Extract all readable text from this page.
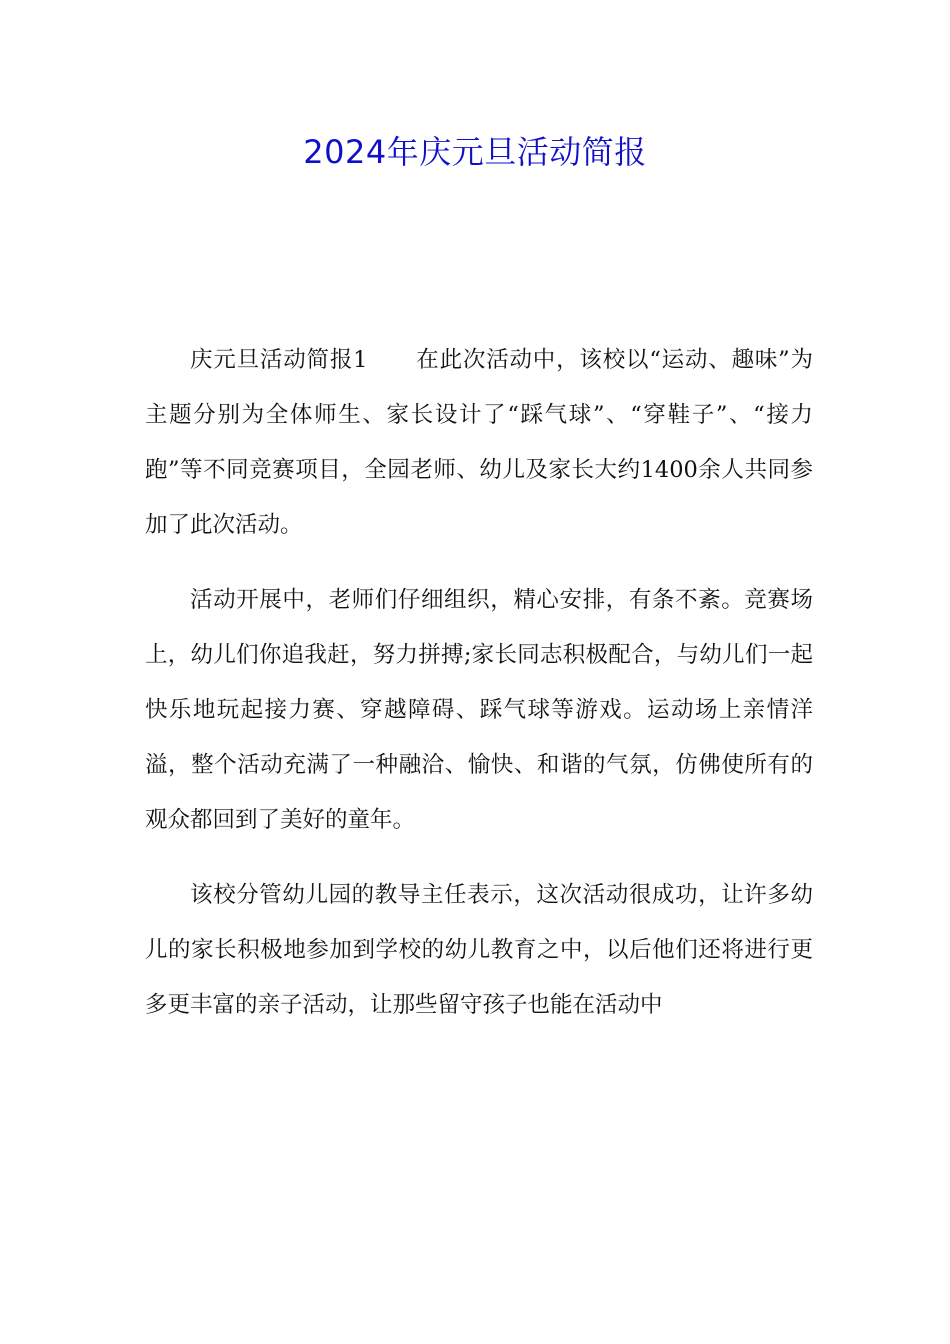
2024年庆元旦活动简报

庆元旦活动简报1 在此次活动中，该校以“运动、趣味”为主题分别为全体师生、家长设计了“踩气球”、“穿鞋子”、“接力跑”等不同竞赛项目，全园老师、幼儿及家长大约1400余人共同参加了此次活动。

活动开展中，老师们仔细组织，精心安排，有条不紊。竞赛场上，幼儿们你追我赶，努力拼搏;家长同志积极配合，与幼儿们一起快乐地玩起接力赛、穿越障碍、踩气球等游戏。运动场上亲情洋溢，整个活动充满了一种融洽、愉快、和谐的气氛，仿佛使所有的观众都回到了美好的童年。

该校分管幼儿园的教导主任表示，这次活动很成功，让许多幼儿的家长积极地参加到学校的幼儿教育之中，以后他们还将进行更多更丰富的亲子活动，让那些留守孩子也能在活动中
